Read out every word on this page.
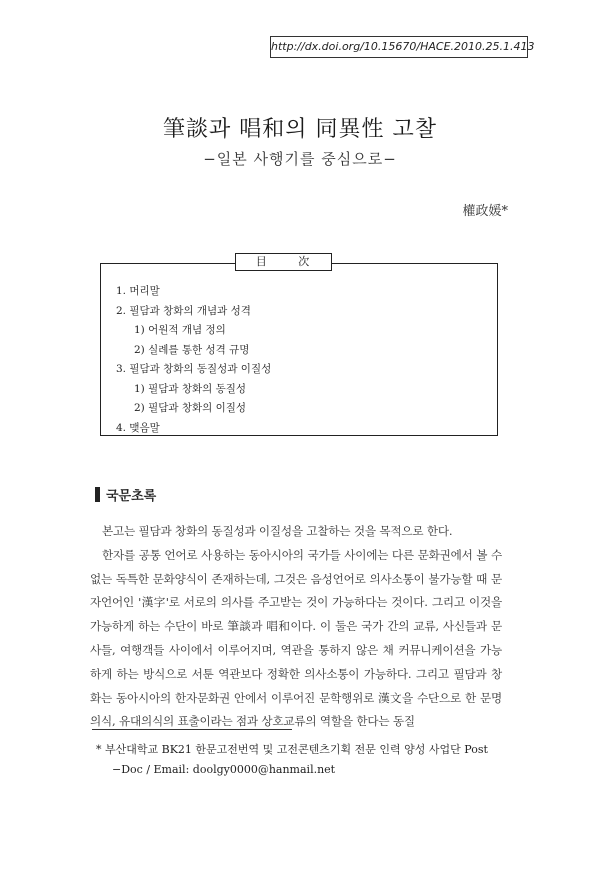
http://dx.doi.org/10.15670/HACE.2010.25.1.413
筆談과 唱和의 同異性 고찰
−일본 사행기를 중심으로−
權政媛*
目 次
1. 머리말
2. 필담과 창화의 개념과 성격
1) 어원적 개념 정의
2) 실례를 통한 성격 규명
3. 필담과 창화의 동질성과 이질성
1) 필담과 창화의 동질성
2) 필담과 창화의 이질성
4. 맺음말
국문초록

본고는 필담과 창화의 동질성과 이질성을 고찰하는 것을 목적으로 한다.

한자를 공통 언어로 사용하는 동아시아의 국가들 사이에는 다른 문화권에서 볼 수 없는 독특한 문화양식이 존재하는데, 그것은 음성언어로 의사소통이 불가능할 때 문자언어인 '漢字'로 서로의 의사를 주고받는 것이 가능하다는 것이다. 그리고 이것을 가능하게 하는 수단이 바로 筆談과 唱和이다. 이 둘은 국가 간의 교류, 사신들과 문사들, 여행객들 사이에서 이루어지며, 역관을 통하지 않은 채 커뮤니케이션을 가능하게 하는 방식으로 서툰 역관보다 정확한 의사소통이 가능하다. 그리고 필담과 창화는 동아시아의 한자문화권 안에서 이루어진 문학행위로 漢文을 수단으로 한 문명의식, 유대의식의 표출이라는 점과 상호교류의 역할을 한다는 동질

* 부산대학교 BK21 한문고전번역 및 고전콘텐츠기획 전문 인력 양성 사업단 Post
−Doc / Email: doolgy0000@hanmail.net
